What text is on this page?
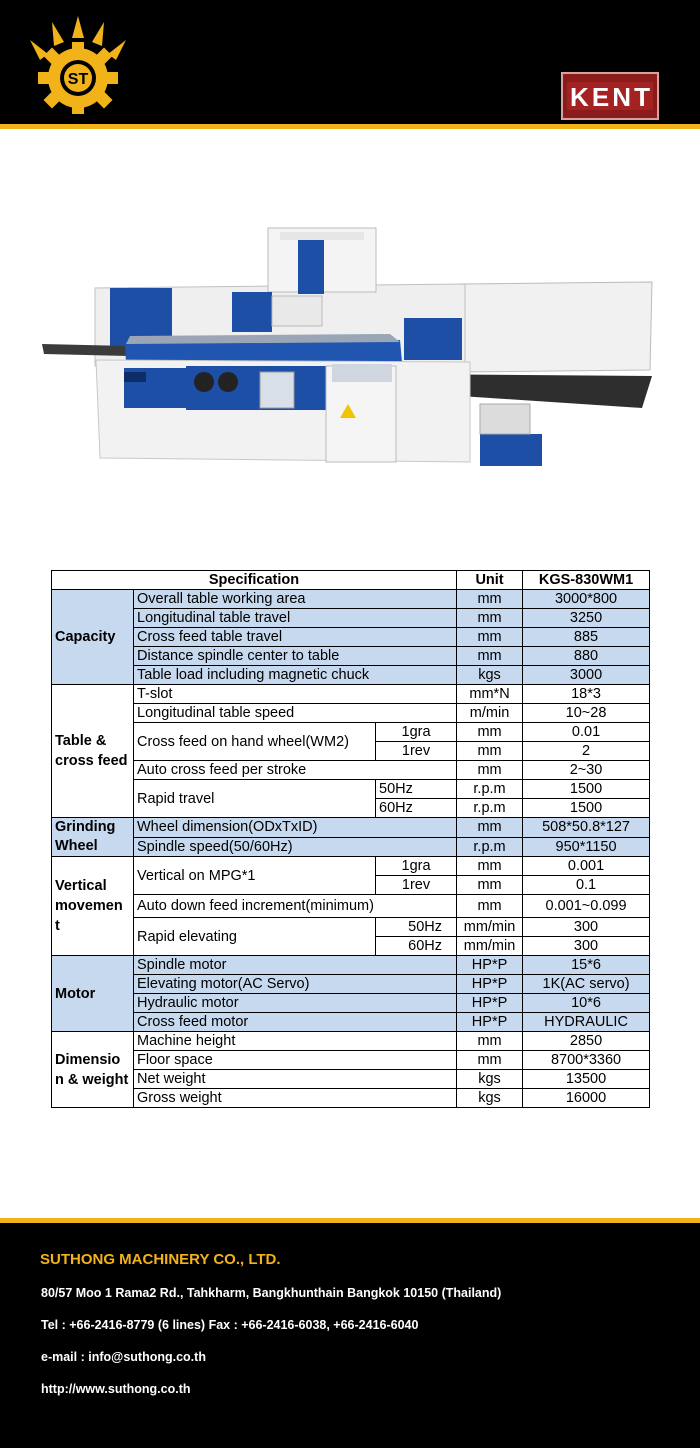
ST
KENT
Specification			Unit	KGS-830WM1
Capacity	Overall table working area		mm	3000*800
	Longitudinal table travel		mm	3250
	Cross feed table travel		mm	885
	Distance spindle center to table		mm	880
	Table load including magnetic chuck		kgs	3000
Table & cross feed	T-slot		mm*N	18*3
	Longitudinal table speed		m/min	10~28
	Cross feed on hand wheel(WM2)	1gra	mm	0.01
		1rev	mm	2
	Auto cross feed per stroke		mm	2~30
	Rapid travel	50Hz	r.p.m	1500
		60Hz	r.p.m	1500
Grinding Wheel	Wheel dimension(ODxTxID)		mm	508*50.8*127
	Spindle speed(50/60Hz)		r.p.m	950*1150
Vertical movemen t	Vertical on MPG*1	1gra	mm	0.001
		1rev	mm	0.1
	Auto down feed increment(minimum)		mm	0.001~0.099
	Rapid elevating	50Hz	mm/min	300
		60Hz	mm/min	300
Motor	Spindle motor		HP*P	15*6
	Elevating motor(AC Servo)		HP*P	1K(AC servo)
	Hydraulic motor		HP*P	10*6
	Cross feed motor		HP*P	HYDRAULIC
Dimensio n & weight	Machine height		mm	2850
	Floor space		mm	8700*3360
	Net weight		kgs	13500
	Gross weight		kgs	16000
SUTHONG MACHINERY CO., LTD.
80/57 Moo 1 Rama2 Rd., Tahkharm, Bangkhunthain Bangkok 10150 (Thailand)
Tel : +66-2416-8779 (6 lines) Fax : +66-2416-6038, +66-2416-6040
e-mail : info@suthong.co.th
http://www.suthong.co.th
